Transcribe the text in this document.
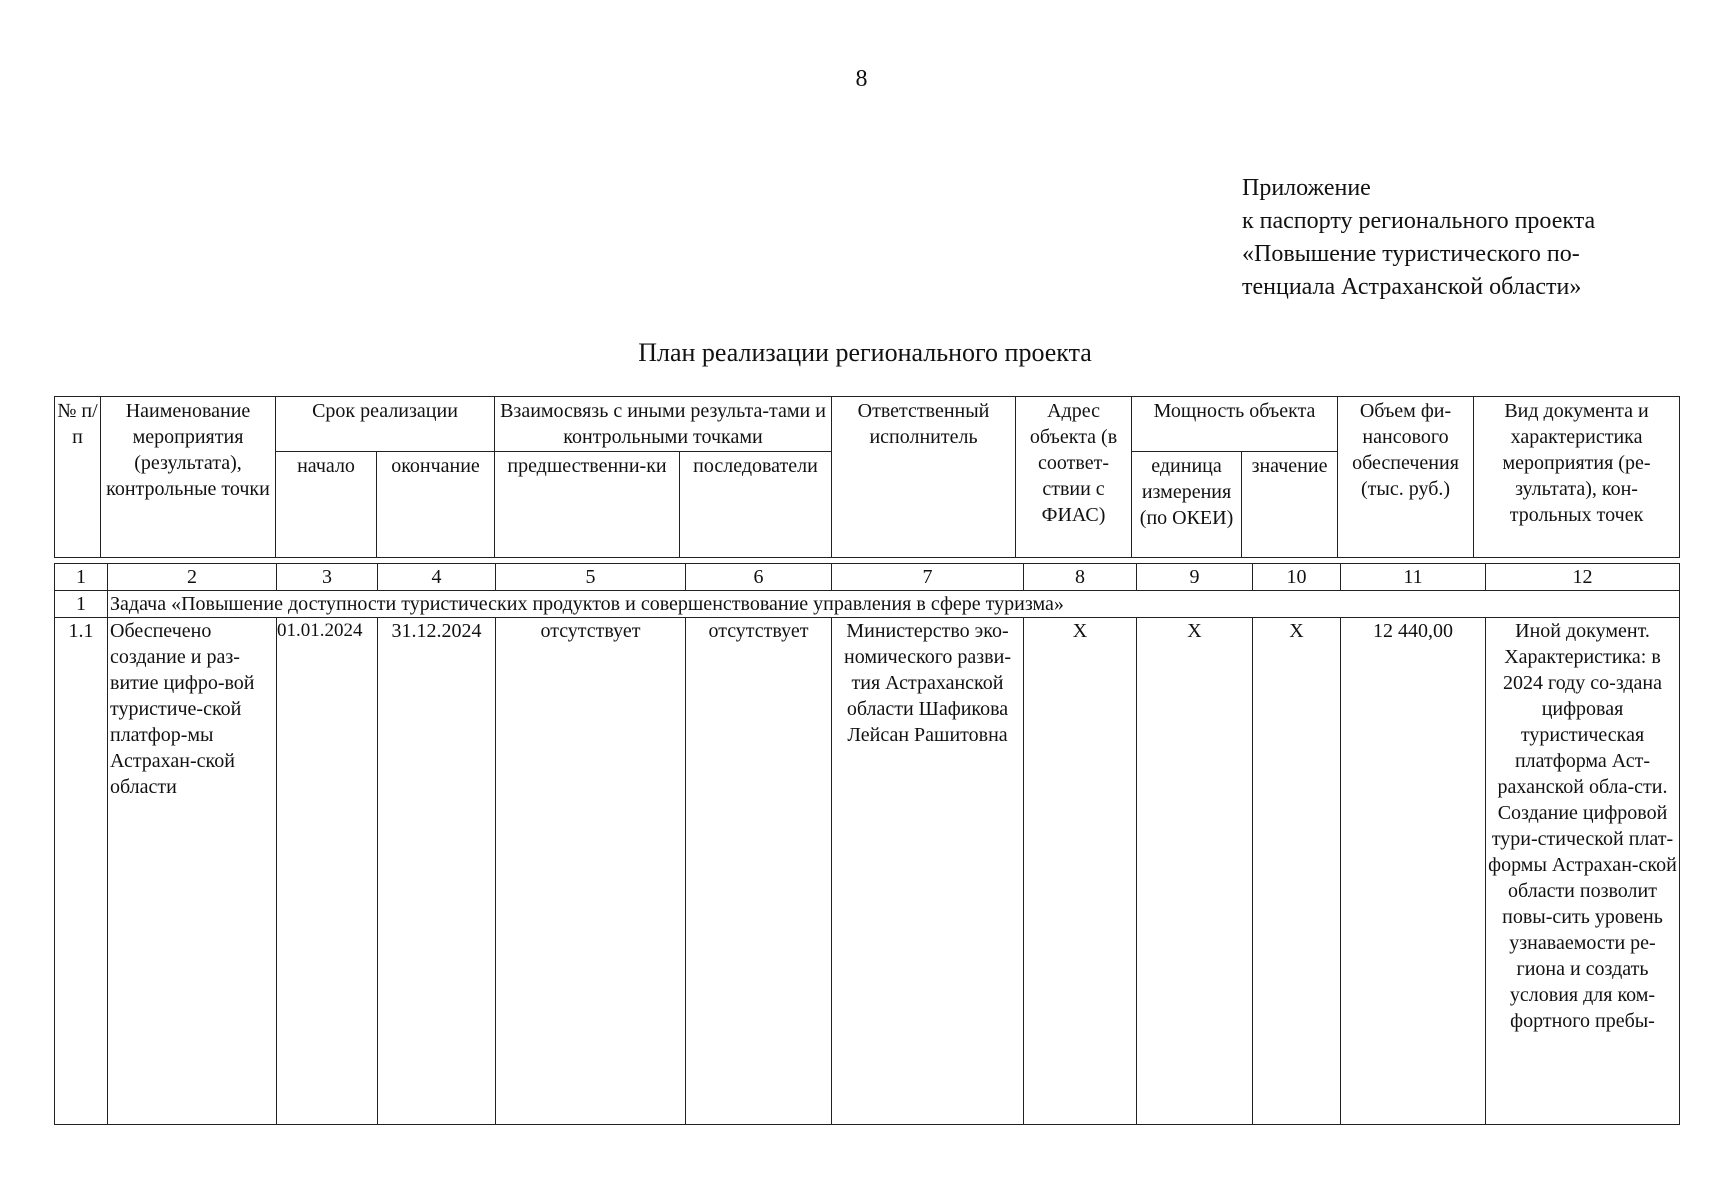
8
Приложение
к паспорту регионального проекта
«Повышение туристического по-
тенциала Астраханской области»
План реализации регионального проекта
№ п/п	Наименование мероприятия (результата), контрольные точки	Срок реализации		Взаимосвязь с иными результа-тами и контрольными точками		Ответственный исполнитель	Адрес объекта (в соответ-ствии с ФИАС)	Мощность объекта		Объем фи-нансового обеспечения (тыс. руб.)	Вид документа и характеристика мероприятия (ре-зультата), кон-трольных точек
		начало	окончание	предшественни-ки	последователи			единица измерения (по ОКЕИ)	значение		
1	2	3	4	5	6	7	8	9	10	11	12
1	Задача «Повышение доступности туристических продуктов и совершенствование управления в сфере туризма»										
1.1	Обеспечено создание и раз-витие цифро-вой туристиче-ской платфор-мы Астрахан-ской области	01.01.2024	31.12.2024	отсутствует	отсутствует	Министерство эко-номического разви-тия Астраханской области Шафикова Лейсан Рашитовна	X	X	X	12 440,00	Иной документ. Характеристика: в 2024 году со-здана цифровая туристическая платформа Аст-раханской обла-сти. Создание цифровой тури-стической плат-формы Астрахан-ской области позволит повы-сить уровень узнаваемости ре-гиона и создать условия для ком-фортного пребы-
